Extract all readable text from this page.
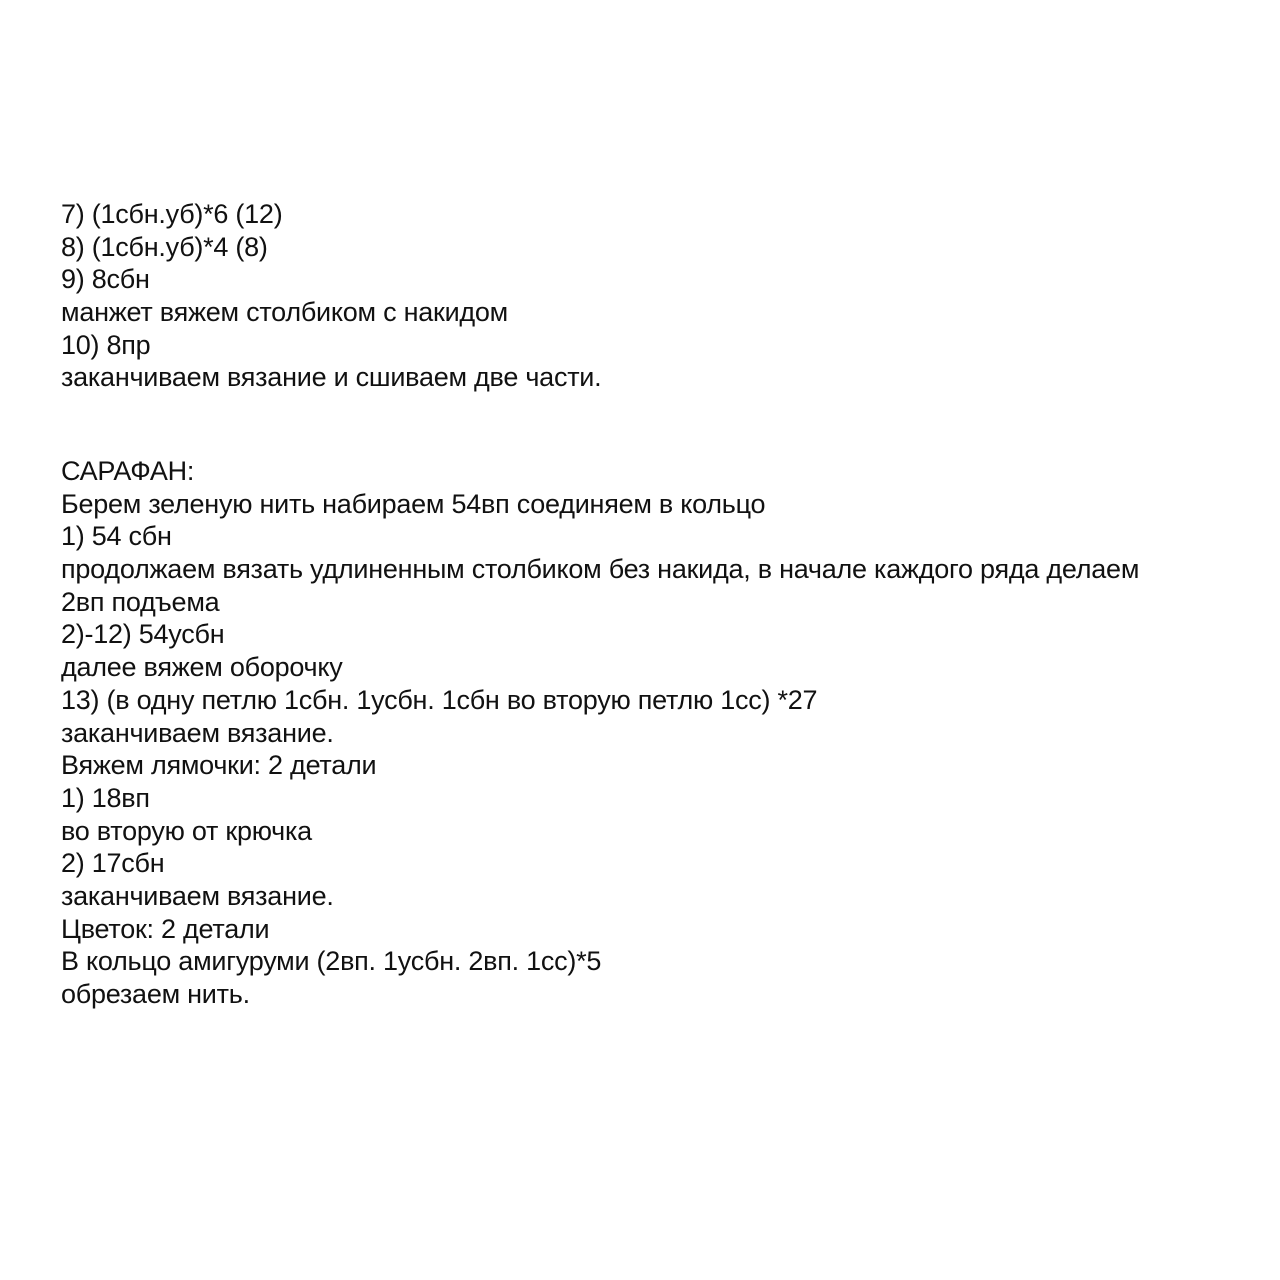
7) (1сбн.уб)*6 (12)
8) (1сбн.уб)*4 (8)
9) 8сбн
манжет вяжем столбиком с накидом
10) 8пр
заканчиваем вязание и сшиваем две части.
САРАФАН:
Берем зеленую нить набираем 54вп соединяем в кольцо
1) 54 сбн
продолжаем вязать удлиненным столбиком без накида, в начале каждого ряда делаем
2вп подъема
2)-12) 54усбн
далее вяжем оборочку
13) (в одну петлю 1сбн. 1усбн. 1сбн во вторую петлю 1сс) *27
заканчиваем вязание.
Вяжем лямочки: 2 детали
1) 18вп
во вторую от крючка
2) 17сбн
заканчиваем вязание.
Цветок: 2 детали
В кольцо амигуруми (2вп. 1усбн. 2вп. 1сс)*5
обрезаем нить.
